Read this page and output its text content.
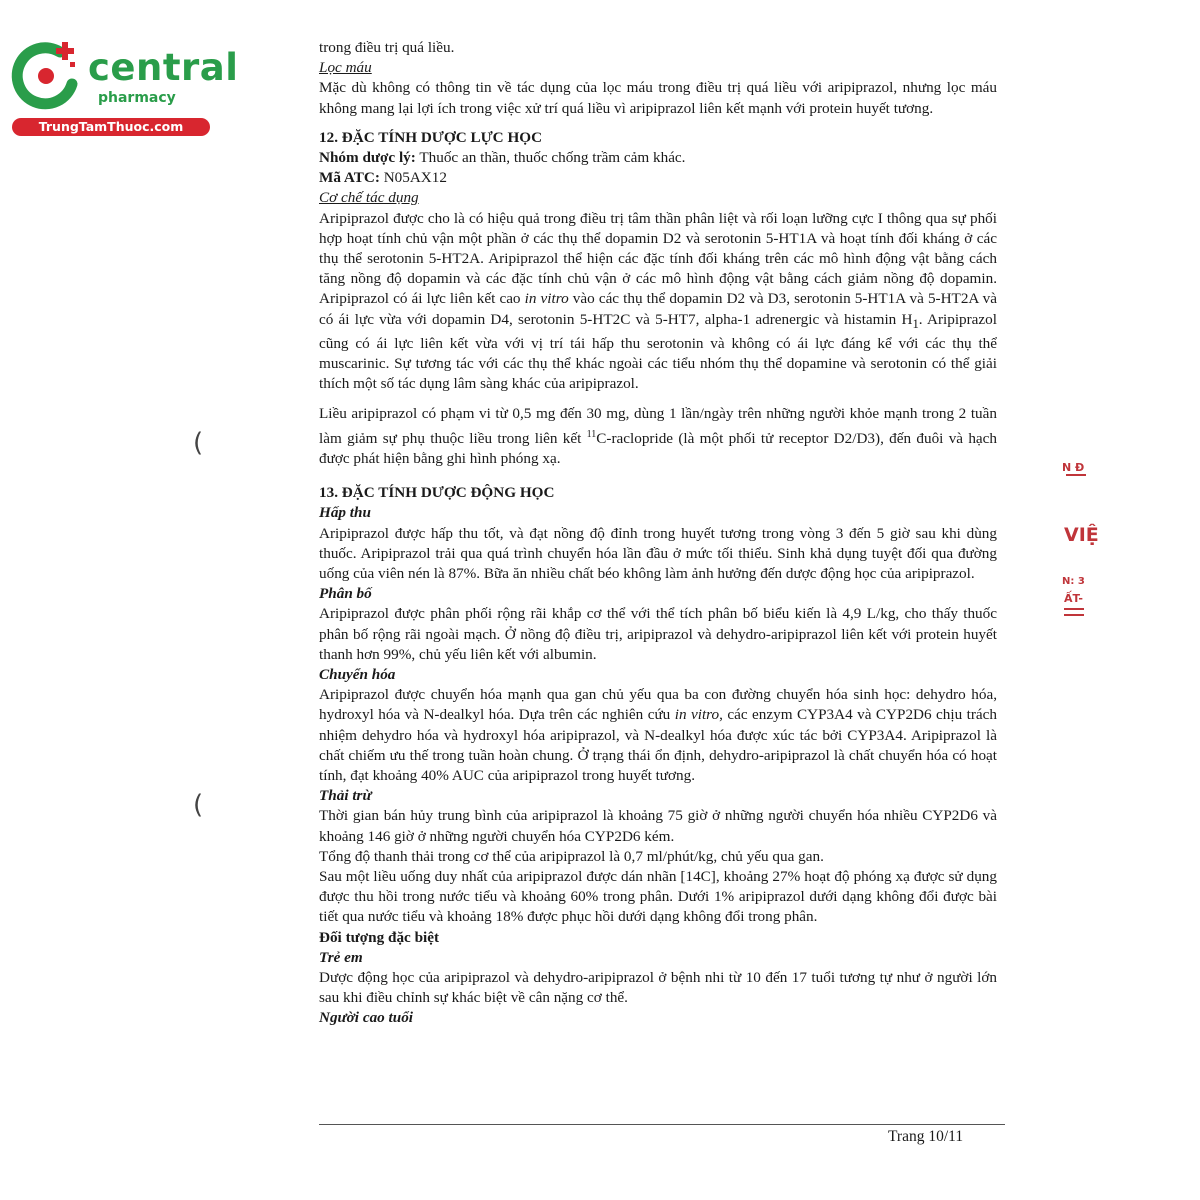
central
pharmacy
TrungTamThuoc.com

trong điều trị quá liều.

Lọc máu

Mặc dù không có thông tin về tác dụng của lọc máu trong điều trị quá liều với aripiprazol, nhưng lọc máu không mang lại lợi ích trong việc xử trí quá liều vì aripiprazol liên kết mạnh với protein huyết tương.

12. ĐẶC TÍNH DƯỢC LỰC HỌC

Nhóm dược lý: Thuốc an thần, thuốc chống trầm cảm khác.

Mã ATC: N05AX12

Cơ chế tác dụng

Aripiprazol được cho là có hiệu quả trong điều trị tâm thần phân liệt và rối loạn lưỡng cực I thông qua sự phối hợp hoạt tính chủ vận một phần ở các thụ thể dopamin D2 và serotonin 5-HT1A và hoạt tính đối kháng ở các thụ thể serotonin 5-HT2A. Aripiprazol thể hiện các đặc tính đối kháng trên các mô hình động vật bằng cách tăng nồng độ dopamin và các đặc tính chủ vận ở các mô hình động vật bằng cách giảm nồng độ dopamin. Aripiprazol có ái lực liên kết cao in vitro vào các thụ thể dopamin D2 và D3, serotonin 5-HT1A và 5-HT2A và có ái lực vừa với dopamin D4, serotonin 5-HT2C và 5-HT7, alpha-1 adrenergic và histamin $H_1$. Aripiprazol cũng có ái lực liên kết vừa với vị trí tái hấp thu serotonin và không có ái lực đáng kể với các thụ thể muscarinic. Sự tương tác với các thụ thể khác ngoài các tiểu nhóm thụ thể dopamine và serotonin có thể giải thích một số tác dụng lâm sàng khác của aripiprazol.

Liều aripiprazol có phạm vi từ 0,5 mg đến 30 mg, dùng 1 lần/ngày trên những người khỏe mạnh trong 2 tuần làm giảm sự phụ thuộc liều trong liên kết $^{11}$C-raclopride (là một phối tử receptor D2/D3), đến đuôi và hạch được phát hiện bằng ghi hình phóng xạ.

13. ĐẶC TÍNH DƯỢC ĐỘNG HỌC

Hấp thu

Aripiprazol được hấp thu tốt, và đạt nồng độ đỉnh trong huyết tương trong vòng 3 đến 5 giờ sau khi dùng thuốc. Aripiprazol trải qua quá trình chuyển hóa lần đầu ở mức tối thiểu. Sinh khả dụng tuyệt đối qua đường uống của viên nén là 87%. Bữa ăn nhiều chất béo không làm ảnh hưởng đến dược động học của aripiprazol.

Phân bố

Aripiprazol được phân phối rộng rãi khắp cơ thể với thể tích phân bố biểu kiến là 4,9 L/kg, cho thấy thuốc phân bố rộng rãi ngoài mạch. Ở nồng độ điều trị, aripiprazol và dehydro-aripiprazol liên kết với protein huyết thanh hơn 99%, chủ yếu liên kết với albumin.

Chuyển hóa

Aripiprazol được chuyển hóa mạnh qua gan chủ yếu qua ba con đường chuyển hóa sinh học: dehydro hóa, hydroxyl hóa và N-dealkyl hóa. Dựa trên các nghiên cứu in vitro, các enzym CYP3A4 và CYP2D6 chịu trách nhiệm dehydro hóa và hydroxyl hóa aripiprazol, và N-dealkyl hóa được xúc tác bởi CYP3A4. Aripiprazol là chất chiếm ưu thế trong tuần hoàn chung. Ở trạng thái ổn định, dehydro-aripiprazol là chất chuyển hóa có hoạt tính, đạt khoảng 40% AUC của aripiprazol trong huyết tương.

Thải trừ

Thời gian bán hủy trung bình của aripiprazol là khoảng 75 giờ ở những người chuyển hóa nhiều CYP2D6 và khoảng 146 giờ ở những người chuyển hóa CYP2D6 kém.

Tổng độ thanh thải trong cơ thể của aripiprazol là 0,7 ml/phút/kg, chủ yếu qua gan.

Sau một liều uống duy nhất của aripiprazol được dán nhãn [14C], khoảng 27% hoạt độ phóng xạ được sử dụng được thu hồi trong nước tiểu và khoảng 60% trong phân. Dưới 1% aripiprazol dưới dạng không đổi được bài tiết qua nước tiểu và khoảng 18% được phục hồi dưới dạng không đổi trong phân.

Đối tượng đặc biệt

Trẻ em

Dược động học của aripiprazol và dehydro-aripiprazol ở bệnh nhi từ 10 đến 17 tuổi tương tự như ở người lớn sau khi điều chỉnh sự khác biệt về cân nặng cơ thể.

Người cao tuổi

Trang 10/11
(
(
N Đ
VIỆ
N: 3
ẤT-
